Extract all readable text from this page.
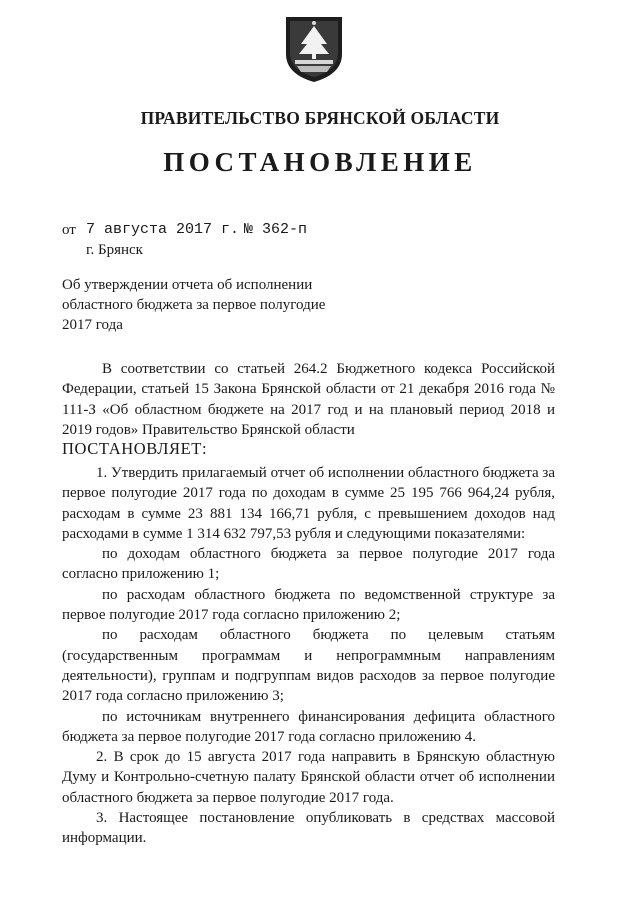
ПРАВИТЕЛЬСТВО БРЯНСКОЙ ОБЛАСТИ
ПОСТАНОВЛЕНИЕ
от 7 августа 2017 г. № 362-п
г. Брянск
Об утверждении отчета об исполнении
областного бюджета за первое полугодие
2017 года
В соответствии со статьей 264.2 Бюджетного кодекса Российской Федерации, статьей 15 Закона Брянской области от 21 декабря 2016 года № 111-З «Об областном бюджете на 2017 год и на плановый период 2018 и 2019 годов» Правительство Брянской области
ПОСТАНОВЛЯЕТ:
1. Утвердить прилагаемый отчет об исполнении областного бюджета за первое полугодие 2017 года по доходам в сумме 25 195 766 964,24 рубля, расходам в сумме 23 881 134 166,71 рубля, с превышением доходов над расходами в сумме 1 314 632 797,53 рубля и следующими показателями:
по доходам областного бюджета за первое полугодие 2017 года согласно приложению 1;
по расходам областного бюджета по ведомственной структуре за первое полугодие 2017 года согласно приложению 2;
по расходам областного бюджета по целевым статьям (государственным программам и непрограммным направлениям деятельности), группам и подгруппам видов расходов за первое полугодие 2017 года согласно приложению 3;
по источникам внутреннего финансирования дефицита областного бюджета за первое полугодие 2017 года согласно приложению 4.
2. В срок до 15 августа 2017 года направить в Брянскую областную Думу и Контрольно-счетную палату Брянской области отчет об исполнении областного бюджета за первое полугодие 2017 года.
3. Настоящее постановление опубликовать в средствах массовой информации.
